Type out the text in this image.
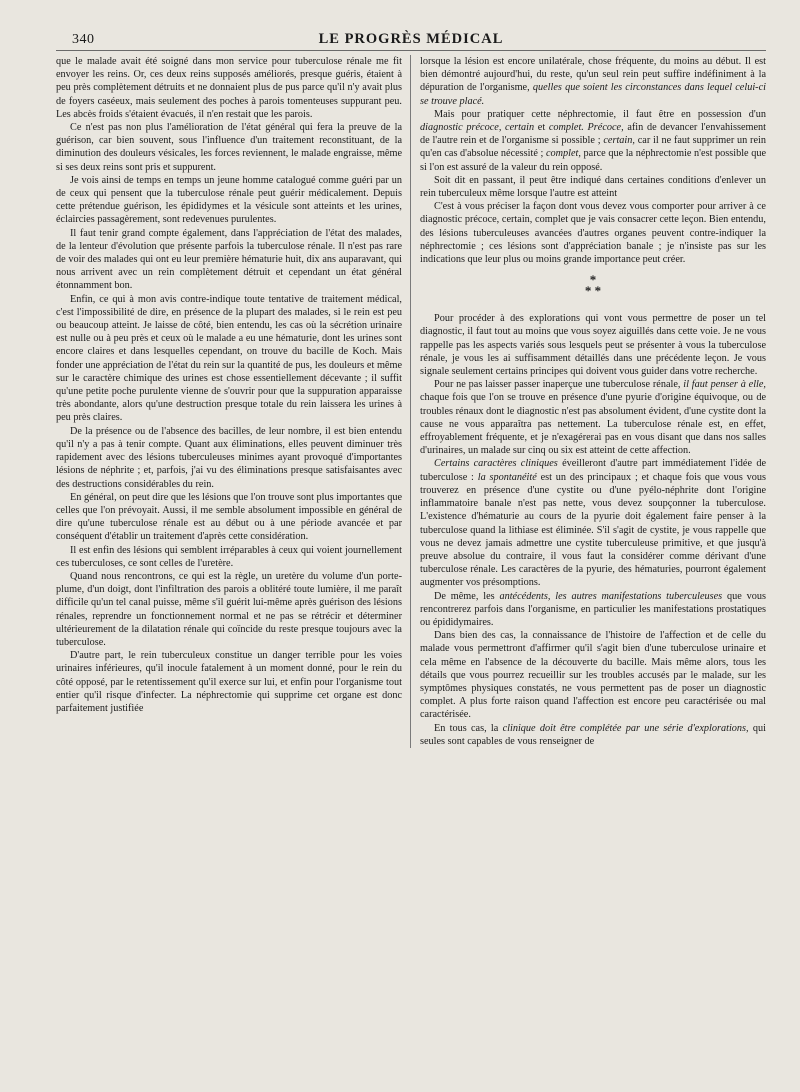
340	LE PROGRÈS MÉDICAL

que le malade avait été soigné dans mon service pour tuberculose rénale me fit envoyer les reins. Or, ces deux reins supposés améliorés, presque guéris, étaient à peu près complètement détruits et ne donnaient plus de pus parce qu'il n'y avait plus de foyers caséeux, mais seulement des poches à parois tomenteuses suppurant peu. Les abcès froids s'étaient évacués, il n'en restait que les parois.

Ce n'est pas non plus l'amélioration de l'état général qui fera la preuve de la guérison, car bien souvent, sous l'influence d'un traitement reconstituant, de la diminution des douleurs vésicales, les forces reviennent, le malade engraisse, même si ses deux reins sont pris et suppurent.

Je vois ainsi de temps en temps un jeune homme catalogué comme guéri par un de ceux qui pensent que la tuberculose rénale peut guérir médicalement. Depuis cette prétendue guérison, les épididymes et la vésicule sont atteints et les urines, éclaircies passagèrement, sont redevenues purulentes.

Il faut tenir grand compte également, dans l'appréciation de l'état des malades, de la lenteur d'évolution que présente parfois la tuberculose rénale. Il n'est pas rare de voir des malades qui ont eu leur première hématurie huit, dix ans auparavant, qui nous arrivent avec un rein complètement détruit et cependant un état général étonnamment bon.

Enfin, ce qui à mon avis contre-indique toute tentative de traitement médical, c'est l'impossibilité de dire, en présence de la plupart des malades, si le rein est peu ou beaucoup atteint. Je laisse de côté, bien entendu, les cas où la sécrétion urinaire est nulle ou à peu près et ceux où le malade a eu une hématurie, dont les urines sont encore claires et dans lesquelles cependant, on trouve du bacille de Koch. Mais fonder une appréciation de l'état du rein sur la quantité de pus, les douleurs et même sur le caractère chimique des urines est chose essentiellement décevante ; il suffit qu'une petite poche purulente vienne de s'ouvrir pour que la suppuration apparaisse très abondante, alors qu'une destruction presque totale du rein laissera les urines à peu près claires.

De la présence ou de l'absence des bacilles, de leur nombre, il est bien entendu qu'il n'y a pas à tenir compte. Quant aux éliminations, elles peuvent diminuer très rapidement avec des lésions tuberculeuses minimes ayant provoqué d'importantes lésions de néphrite ; et, parfois, j'ai vu des éliminations presque satisfaisantes avec des destructions considérables du rein.

En général, on peut dire que les lésions que l'on trouve sont plus importantes que celles que l'on prévoyait. Aussi, il me semble absolument impossible en général de dire qu'une tuberculose rénale est au début ou à une période avancée et par conséquent d'établir un traitement d'après cette considération.

Il est enfin des lésions qui semblent irréparables à ceux qui voient journellement ces tuberculoses, ce sont celles de l'uretère.

Quand nous rencontrons, ce qui est la règle, un uretère du volume d'un porte-plume, d'un doigt, dont l'infiltration des parois a oblitéré toute lumière, il me paraît difficile qu'un tel canal puisse, même s'il guérit lui-même après guérison des lésions rénales, reprendre un fonctionnement normal et ne pas se rétrécir et déterminer ultérieurement de la dilatation rénale qui coïncide du reste presque toujours avec la tuberculose.

D'autre part, le rein tuberculeux constitue un danger terrible pour les voies urinaires inférieures, qu'il inocule fatalement à un moment donné, pour le rein du côté opposé, par le retentissement qu'il exerce sur lui, et enfin pour l'organisme tout entier qu'il risque d'infecter. La néphrectomie qui supprime cet organe est donc parfaitement justifiée

lorsque la lésion est encore unilatérale, chose fréquente, du moins au début. Il est bien démontré aujourd'hui, du reste, qu'un seul rein peut suffire indéfiniment à la dépuration de l'organisme, quelles que soient les circonstances dans lequel celui-ci se trouve placé.

Mais pour pratiquer cette néphrectomie, il faut être en possession d'un diagnostic précoce, certain et complet. Précoce, afin de devancer l'envahissement de l'autre rein et de l'organisme si possible ; certain, car il ne faut supprimer un rein qu'en cas d'absolue nécessité ; complet, parce que la néphrectomie n'est possible que si l'on est assuré de la valeur du rein opposé.

Soit dit en passant, il peut être indiqué dans certaines conditions d'enlever un rein tuberculeux même lorsque l'autre est atteint

C'est à vous préciser la façon dont vous devez vous comporter pour arriver à ce diagnostic précoce, certain, complet que je vais consacrer cette leçon. Bien entendu, des lésions tuberculeuses avancées d'autres organes peuvent contre-indiquer la néphrectomie ; ces lésions sont d'appréciation banale ; je n'insiste pas sur les indications que leur plus ou moins grande importance peut créer.

*
* *

Pour procéder à des explorations qui vont vous permettre de poser un tel diagnostic, il faut tout au moins que vous soyez aiguillés dans cette voie. Je ne vous rappelle pas les aspects variés sous lesquels peut se présenter à vous la tuberculose rénale, je vous les ai suffisamment détaillés dans une précédente leçon. Je vous signale seulement certains principes qui doivent vous guider dans votre recherche.

Pour ne pas laisser passer inaperçue une tuberculose rénale, il faut penser à elle, chaque fois que l'on se trouve en présence d'une pyurie d'origine équivoque, ou de troubles rénaux dont le diagnostic n'est pas absolument évident, d'une cystite dont la cause ne vous apparaîtra pas nettement. La tuberculose rénale est, en effet, effroyablement fréquente, et je n'exagérerai pas en vous disant que dans nos salles d'urinaires, un malade sur cinq ou six est atteint de cette affection.

Certains caractères cliniques éveilleront d'autre part immédiatement l'idée de tuberculose : la spontanéité est un des principaux ; et chaque fois que vous vous trouverez en présence d'une cystite ou d'une pyélo-néphrite dont l'origine inflammatoire banale n'est pas nette, vous devez soupçonner la tuberculose. L'existence d'hématurie au cours de la pyurie doit également faire penser à la tuberculose quand la lithiase est éliminée. S'il s'agit de cystite, je vous rappelle que vous ne devez jamais admettre une cystite tuberculeuse primitive, et que jusqu'à preuve absolue du contraire, il vous faut la considérer comme dérivant d'une tuberculose rénale. Les caractères de la pyurie, des hématuries, pourront également augmenter vos présomptions.

De même, les antécédents, les autres manifestations tuberculeuses que vous rencontrerez parfois dans l'organisme, en particulier les manifestations prostatiques ou épididymaires.

Dans bien des cas, la connaissance de l'histoire de l'affection et de celle du malade vous permettront d'affirmer qu'il s'agit bien d'une tuberculose urinaire et cela même en l'absence de la découverte du bacille. Mais même alors, tous les détails que vous pourrez recueillir sur les troubles accusés par le malade, sur les symptômes physiques constatés, ne vous permettent pas de poser un diagnostic complet. A plus forte raison quand l'affection est encore peu caractérisée ou mal caractérisée.

En tous cas, la clinique doit être complétée par une série d'explorations, qui seules sont capables de vous renseigner de
